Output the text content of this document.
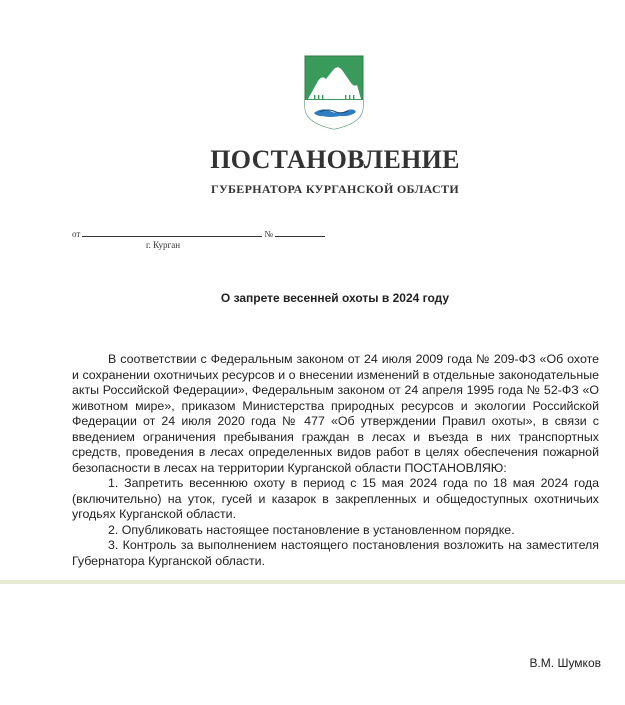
ПОСТАНОВЛЕНИЕ
ГУБЕРНАТОРА КУРГАНСКОЙ ОБЛАСТИ
от	№
г. Курган
О запрете весенней охоты в 2024 году

В соответствии с Федеральным законом от 24 июля 2009 года № 209-ФЗ «Об охоте и сохранении охотничьих ресурсов и о внесении изменений в отдельные законодательные акты Российской Федерации», Федеральным законом от 24 апреля 1995 года № 52-ФЗ «О животном мире», приказом Министерства природных ресурсов и экологии Российской Федерации от 24 июля 2020 года № 477 «Об утверждении Правил охоты», в связи с введением ограничения пребывания граждан в лесах и въезда в них транспортных средств, проведения в лесах определенных видов работ в целях обеспечения пожарной безопасности в лесах на территории Курганской области ПОСТАНОВЛЯЮ:

1. Запретить весеннюю охоту в период с 15 мая 2024 года по 18 мая 2024 года (включительно) на уток, гусей и казарок в закрепленных и общедоступных охотничьих угодьях Курганской области.

2. Опубликовать настоящее постановление в установленном порядке.

3. Контроль за выполнением настоящего постановления возложить на заместителя Губернатора Курганской области.

В.М. Шумков
